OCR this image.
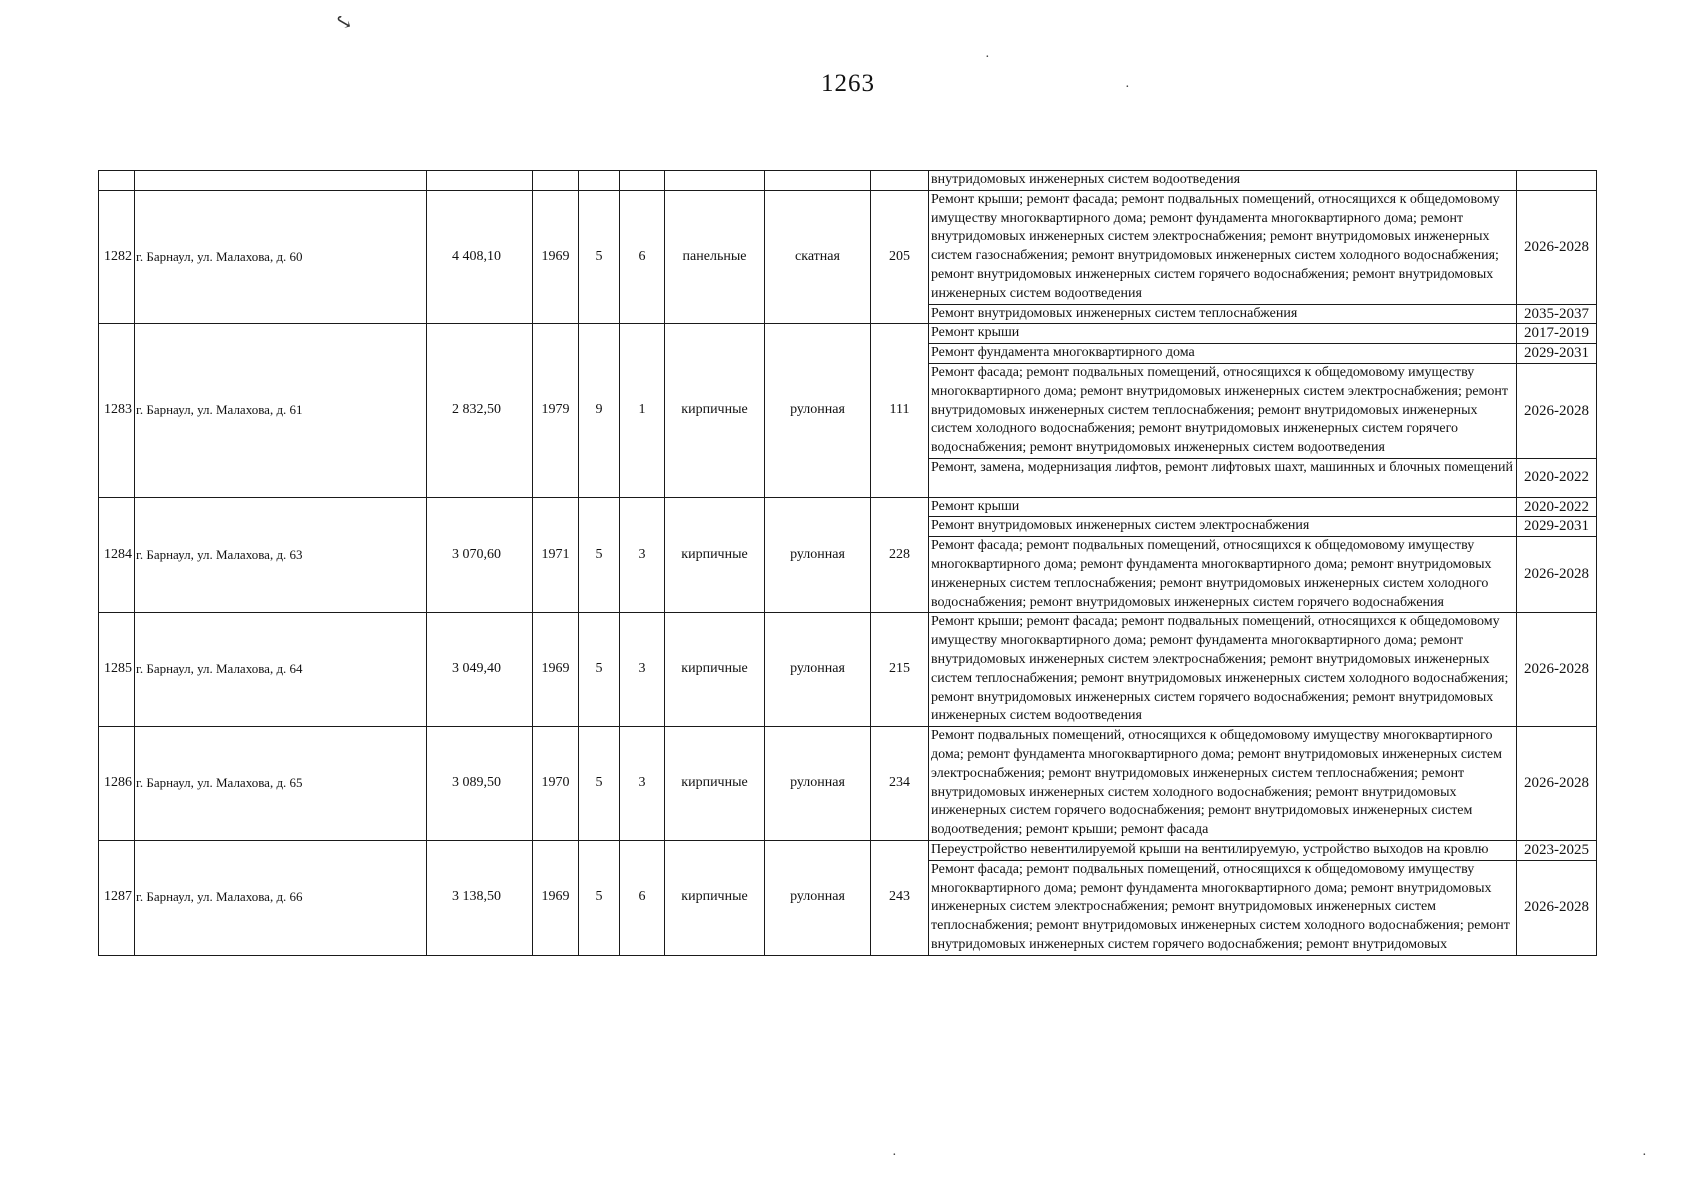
1263
↪
·
·
·	·
									внутридомовых инженерных систем водоотведения	
1282	г. Барнаул, ул. Малахова, д. 60	4 408,10	1969	5	6	панельные	скатная	205	Ремонт крыши; ремонт фасада; ремонт подвальных помещений, относящихся к общедомовому имуществу многоквартирного дома; ремонт фундамента многоквартирного дома; ремонт внутридомовых инженерных систем электроснабжения; ремонт внутридомовых инженерных систем газоснабжения; ремонт внутридомовых инженерных систем холодного водоснабжения; ремонт внутридомовых инженерных систем горячего водоснабжения; ремонт внутридомовых инженерных систем водоотведения	2026-2028
									Ремонт внутридомовых инженерных систем теплоснабжения	2035-2037
1283	г. Барнаул, ул. Малахова, д. 61	2 832,50	1979	9	1	кирпичные	рулонная	111	Ремонт крыши	2017-2019
									Ремонт фундамента многоквартирного дома	2029-2031
									Ремонт фасада; ремонт подвальных помещений, относящихся к общедомовому имуществу многоквартирного дома; ремонт внутридомовых инженерных систем электроснабжения; ремонт внутридомовых инженерных систем теплоснабжения; ремонт внутридомовых инженерных систем холодного водоснабжения; ремонт внутридомовых инженерных систем горячего водоснабжения; ремонт внутридомовых инженерных систем водоотведения	2026-2028
									Ремонт, замена, модернизация лифтов, ремонт лифтовых шахт, машинных и блочных помещений	2020-2022
1284	г. Барнаул, ул. Малахова, д. 63	3 070,60	1971	5	3	кирпичные	рулонная	228	Ремонт крыши	2020-2022
									Ремонт внутридомовых инженерных систем электроснабжения	2029-2031
									Ремонт фасада; ремонт подвальных помещений, относящихся к общедомовому имуществу многоквартирного дома; ремонт фундамента многоквартирного дома; ремонт внутридомовых инженерных систем теплоснабжения; ремонт внутридомовых инженерных систем холодного водоснабжения; ремонт внутридомовых инженерных систем горячего водоснабжения	2026-2028
1285	г. Барнаул, ул. Малахова, д. 64	3 049,40	1969	5	3	кирпичные	рулонная	215	Ремонт крыши; ремонт фасада; ремонт подвальных помещений, относящихся к общедомовому имуществу многоквартирного дома; ремонт фундамента многоквартирного дома; ремонт внутридомовых инженерных систем электроснабжения; ремонт внутридомовых инженерных систем теплоснабжения; ремонт внутридомовых инженерных систем холодного водоснабжения; ремонт внутридомовых инженерных систем горячего водоснабжения; ремонт внутридомовых инженерных систем водоотведения	2026-2028
1286	г. Барнаул, ул. Малахова, д. 65	3 089,50	1970	5	3	кирпичные	рулонная	234	Ремонт подвальных помещений, относящихся к общедомовому имуществу многоквартирного дома; ремонт фундамента многоквартирного дома; ремонт внутридомовых инженерных систем электроснабжения; ремонт внутридомовых инженерных систем теплоснабжения; ремонт внутридомовых инженерных систем холодного водоснабжения; ремонт внутридомовых инженерных систем горячего водоснабжения; ремонт внутридомовых инженерных систем водоотведения; ремонт крыши; ремонт фасада	2026-2028
1287	г. Барнаул, ул. Малахова, д. 66	3 138,50	1969	5	6	кирпичные	рулонная	243	Переустройство невентилируемой крыши на вентилируемую, устройство выходов на кровлю	2023-2025
									Ремонт фасада; ремонт подвальных помещений, относящихся к общедомовому имуществу многоквартирного дома; ремонт фундамента многоквартирного дома; ремонт внутридомовых инженерных систем электроснабжения; ремонт внутридомовых инженерных систем теплоснабжения; ремонт внутридомовых инженерных систем холодного водоснабжения; ремонт внутридомовых инженерных систем горячего водоснабжения; ремонт внутридомовых	2026-2028
